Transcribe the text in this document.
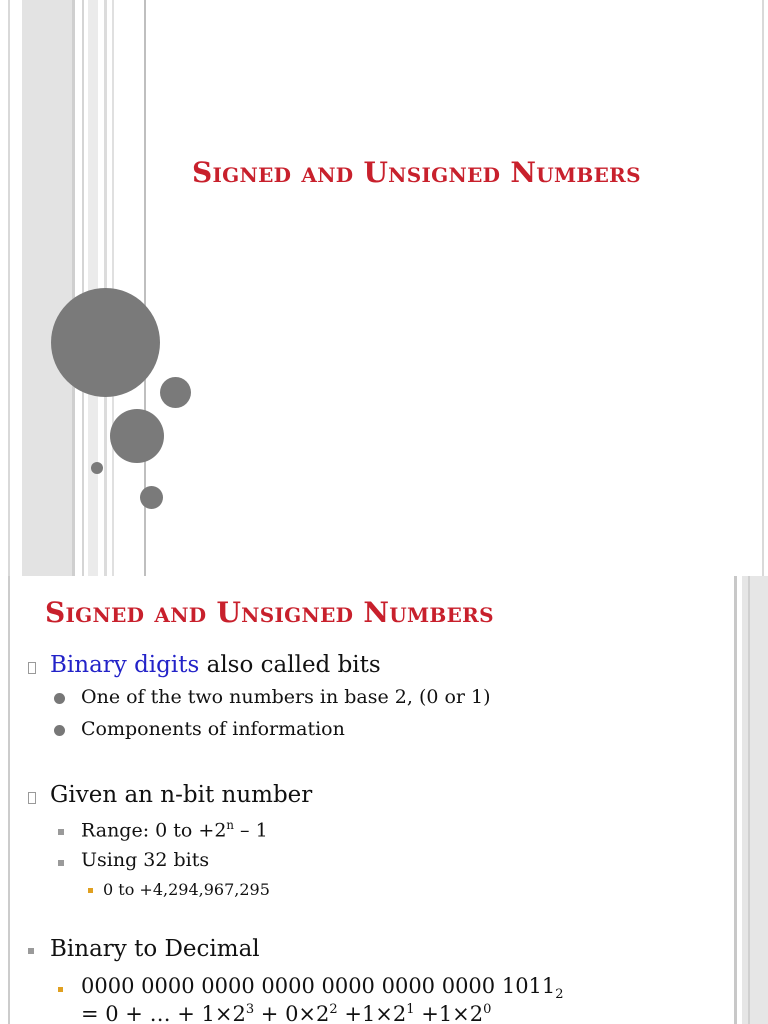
Signed and Unsigned Numbers
Signed and Unsigned Numbers
Binary digits also called bits
One of the two numbers in base 2, (0 or 1)
Components of information
Given an n-bit number
Range: 0 to $+2^n - 1$
Using 32 bits
0 to +4,294,967,295
Binary to Decimal
0000 0000 0000 0000 0000 0000 0000 $1011_2$
= 0 + … + $1\times 2^3 + 0\times 2^2 +1\times 2^1 +1\times 2^0$
